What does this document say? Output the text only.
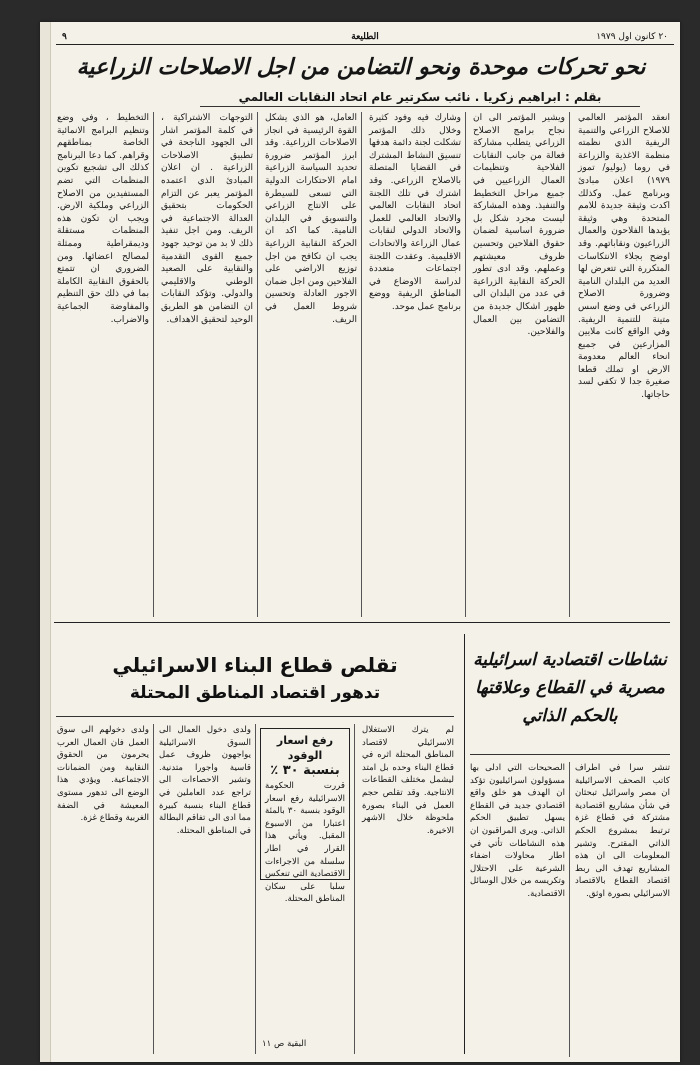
٢٠ كانون اول ١٩٧٩
الطليعة
٩
نحو تحركات موحدة ونحو التضامن من اجل الاصلاحات الزراعية
بقلم : ابراهيم زكريا . نائب سكرتير عام اتحاد النقابات العالمي
انعقد المؤتمر العالمي للاصلاح الزراعي والتنمية الريفية الذي نظمته منظمة الاغذية والزراعة في روما (يوليو/ تموز ١٩٧٩) اعلان مبادئ وبرنامج عمل. وكذلك اكدت وثيقة جديدة للامم المتحدة وهي وثيقة يؤيدها الفلاحون والعمال الزراعيون ونقاباتهم. وقد اوضح بجلاء الانتكاسات المتكررة التي تتعرض لها العديد من البلدان النامية وضرورة الاصلاح الزراعي في وضع اسس متينة للتنمية الريفية. وفي الواقع كانت ملايين المزارعين في جميع انحاء العالم معدومة الارض او تملك قطعا صغيرة جدا لا تكفي لسد حاجاتها.
ويشير المؤتمر الى ان نجاح برامج الاصلاح الزراعي يتطلب مشاركة فعالة من جانب النقابات الفلاحية وتنظيمات العمال الزراعيين في جميع مراحل التخطيط والتنفيذ. وهذه المشاركة ليست مجرد شكل بل ضرورة اساسية لضمان حقوق الفلاحين وتحسين ظروف معيشتهم وعملهم. وقد ادى تطور الحركة النقابية الزراعية في عدد من البلدان الى ظهور اشكال جديدة من التضامن بين العمال والفلاحين.
وشارك فيه وفود كثيرة وخلال ذلك المؤتمر تشكلت لجنة دائمة هدفها تنسيق النشاط المشترك في القضايا المتصلة بالاصلاح الزراعي. وقد اشترك في تلك اللجنة اتحاد النقابات العالمي والاتحاد العالمي للعمل والاتحاد الدولي لنقابات عمال الزراعة والاتحادات الاقليمية. وعقدت اللجنة اجتماعات متعددة لدراسة الاوضاع في المناطق الريفية ووضع برنامج عمل موحد.
العامل، هو الذي يشكل القوة الرئيسية في انجاز الاصلاحات الزراعية. وقد ابرز المؤتمر ضرورة تحديد السياسة الزراعية امام الاحتكارات الدولية التي تسعى للسيطرة على الانتاج الزراعي والتسويق في البلدان النامية. كما اكد ان الحركة النقابية الزراعية يجب ان تكافح من اجل توزيع الاراضي على الفلاحين ومن اجل ضمان الاجور العادلة وتحسين شروط العمل في الريف.
التوجهات الاشتراكية ، في كلمة المؤتمر اشار الى الجهود الناجحة في تطبيق الاصلاحات الزراعية . ان اعلان المبادئ الذي اعتمده المؤتمر يعبر عن التزام الحكومات بتحقيق العدالة الاجتماعية في الريف. ومن اجل تنفيذ ذلك لا بد من توحيد جهود جميع القوى التقدمية والنقابية على الصعيد الوطني والاقليمي والدولي. وتؤكد النقابات ان التضامن هو الطريق الوحيد لتحقيق الاهداف.
التخطيط ، وفي وضع وتنظيم البرامج الانمائية الخاصة بمناطقهم وقراهم. كما دعا البرنامج كذلك الى تشجيع تكوين المنظمات التي تضم المستفيدين من الاصلاح الزراعي وملكية الارض. ويجب ان تكون هذه المنظمات مستقلة وديمقراطية وممثلة لمصالح اعضائها. ومن الضروري ان تتمتع بالحقوق النقابية الكاملة بما في ذلك حق التنظيم والمفاوضة الجماعية والاضراب.
نشاطات اقتصادية اسرائيلية مصرية في القطاع وعلاقتها بالحكم الذاتي
تنشر سرا في اطراف كاتب الصحف الاسرائيلية ان مصر واسرائيل تبحثان في شأن مشاريع اقتصادية مشتركة في قطاع غزة ترتبط بمشروع الحكم الذاتي المقترح. وتشير المعلومات الى ان هذه المشاريع تهدف الى ربط اقتصاد القطاع بالاقتصاد الاسرائيلي بصورة اوثق.
الصحيحات التي ادلى بها مسؤولون اسرائيليون تؤكد ان الهدف هو خلق واقع اقتصادي جديد في القطاع يسهل تطبيق الحكم الذاتي. ويرى المراقبون ان هذه النشاطات تأتي في اطار محاولات اضفاء الشرعية على الاحتلال وتكريسه من خلال الوسائل الاقتصادية.
تقلص قطاع البناء الاسرائيلي
تدهور اقتصاد المناطق المحتلة
لم يترك الاستغلال الاسرائيلي لاقتصاد المناطق المحتلة اثره في قطاع البناء وحده بل امتد ليشمل مختلف القطاعات الانتاجية. وقد تقلص حجم العمل في البناء بصورة ملحوظة خلال الاشهر الاخيرة.
رفع اسعار الوقود
بنسبة ٣٠ ٪
قررت الحكومة الاسرائيلية رفع اسعار الوقود بنسبة ٣٠ بالمئة اعتبارا من الاسبوع المقبل. ويأتي هذا القرار في اطار سلسلة من الاجراءات الاقتصادية التي تنعكس سلبا على سكان المناطق المحتلة.
البقية ص ١١
ولدى دخول العمال الى السوق الاسرائيلية يواجهون ظروف عمل قاسية واجورا متدنية. وتشير الاحصاءات الى تراجع عدد العاملين في قطاع البناء بنسبة كبيرة مما ادى الى تفاقم البطالة في المناطق المحتلة.
ولدى دخولهم الى سوق العمل فان العمال العرب يحرمون من الحقوق النقابية ومن الضمانات الاجتماعية. ويؤدي هذا الوضع الى تدهور مستوى المعيشة في الضفة الغربية وقطاع غزة.
